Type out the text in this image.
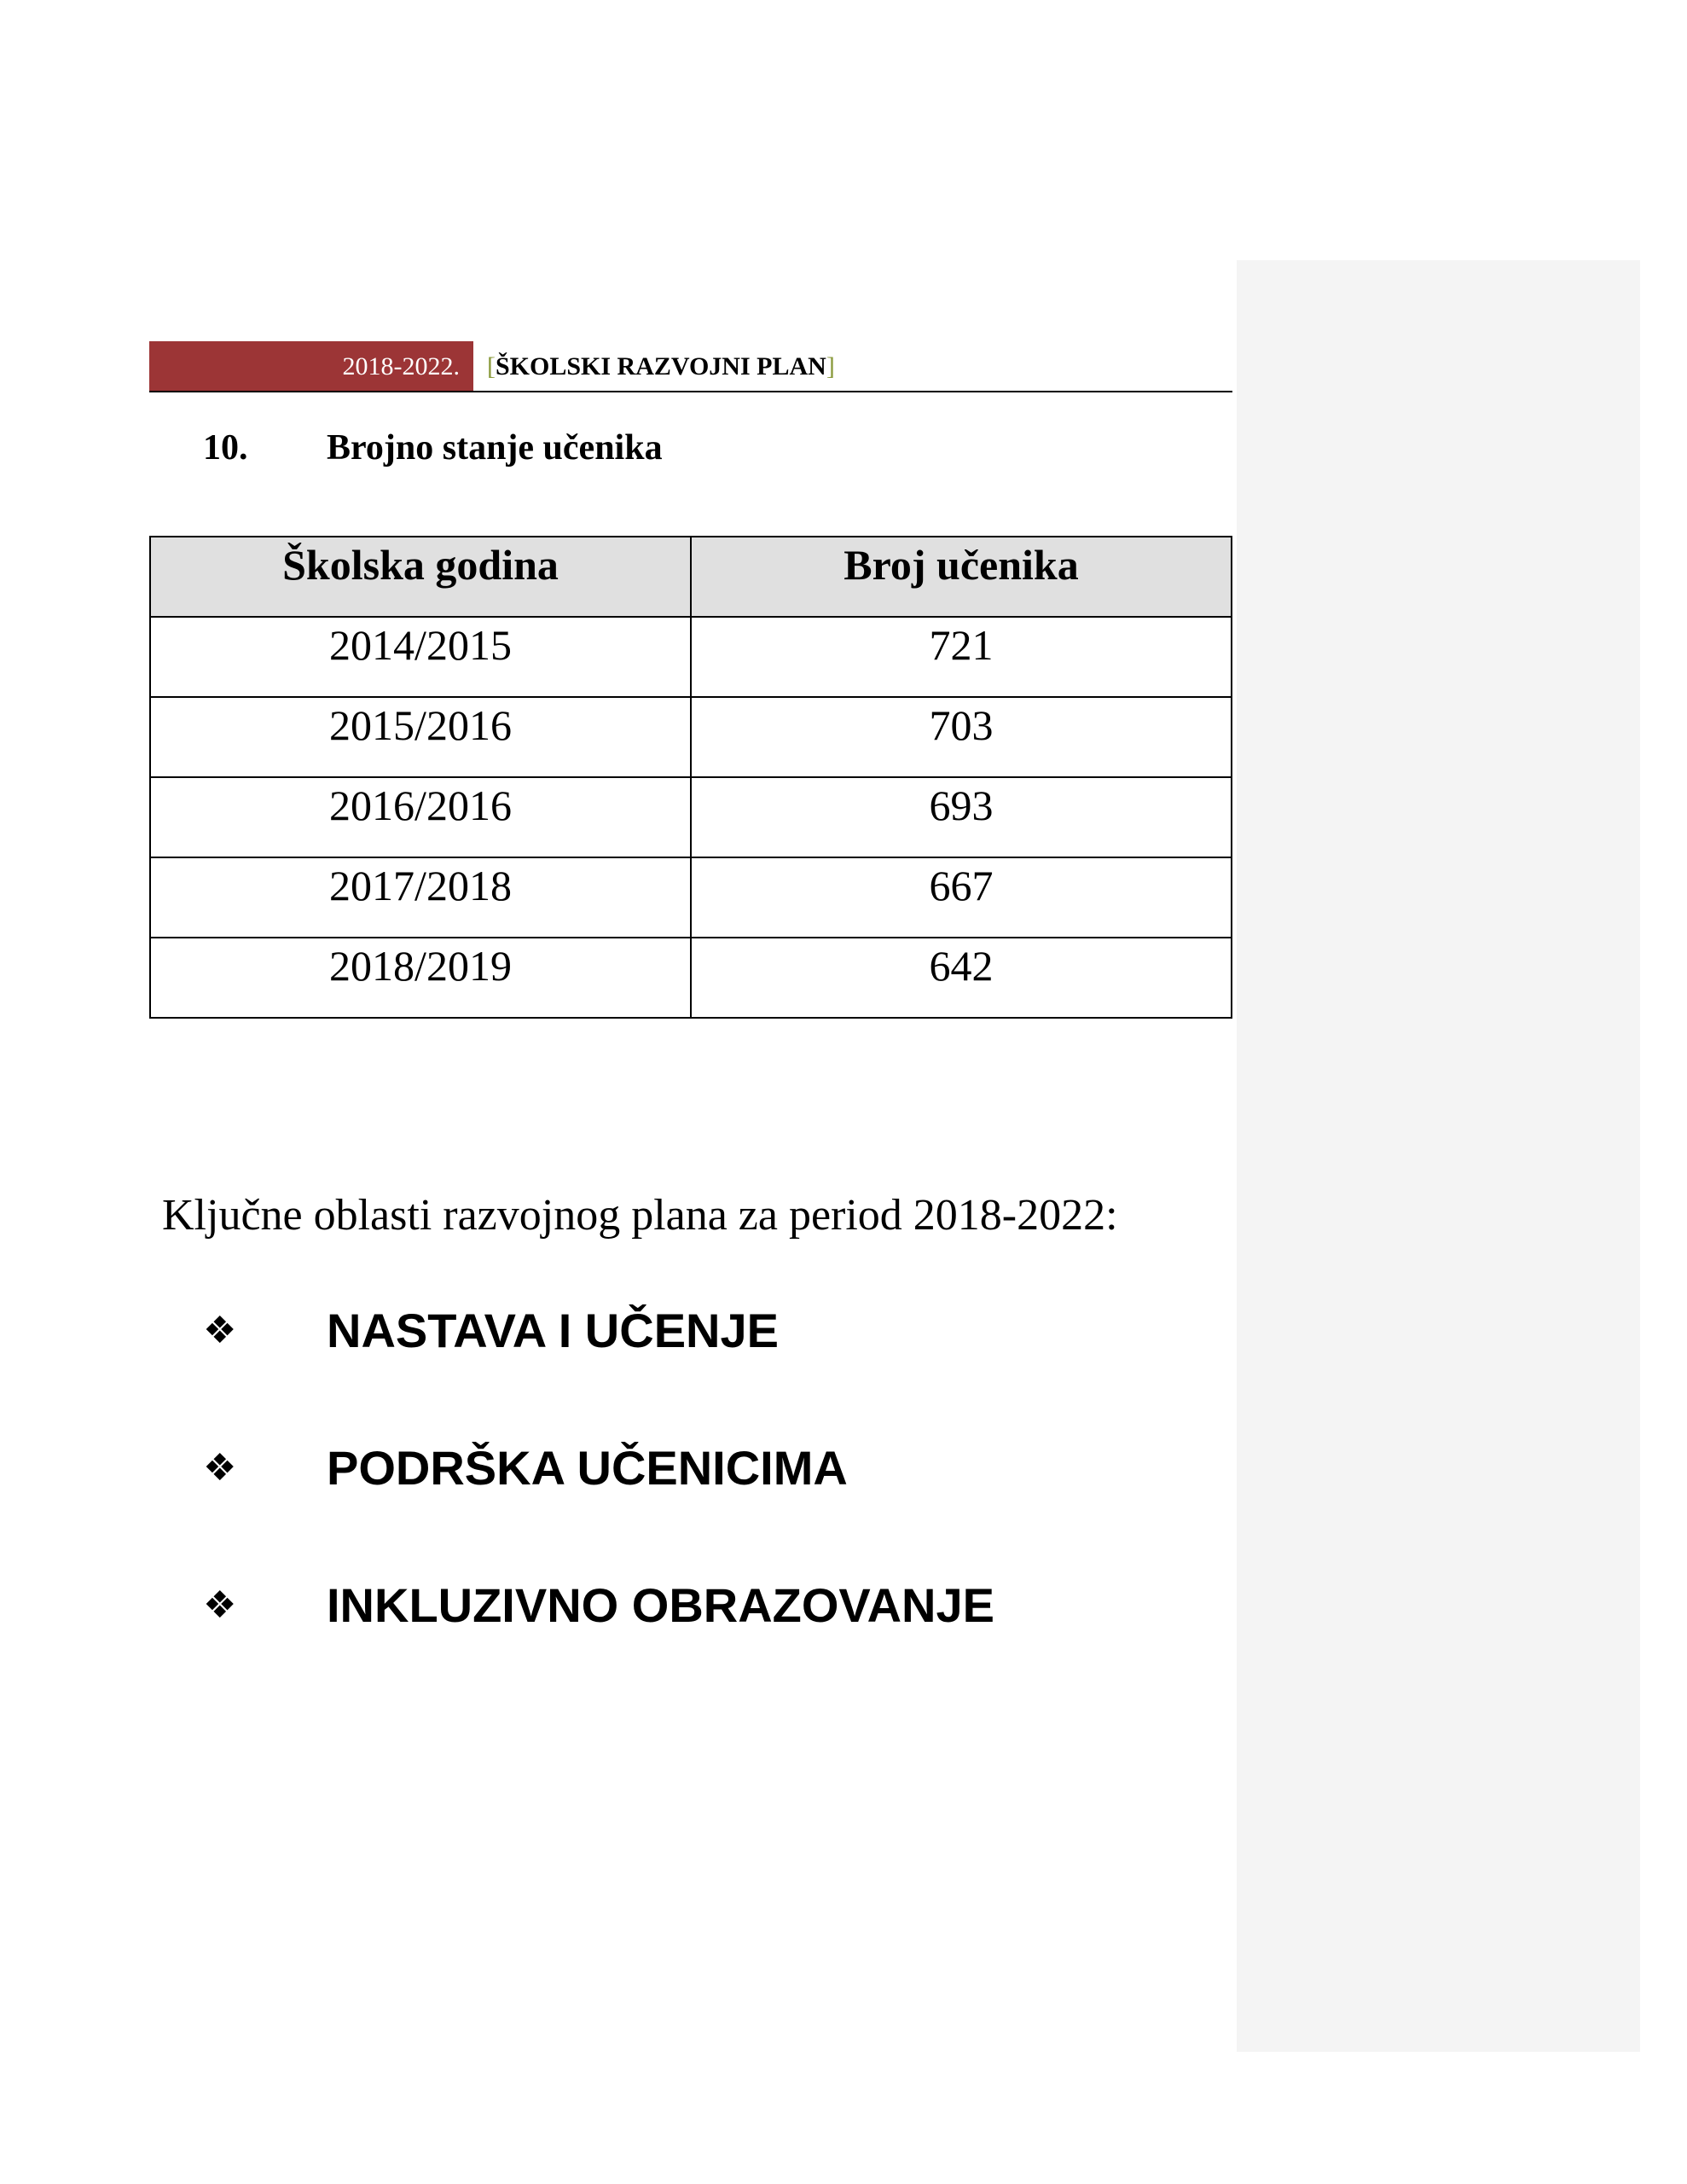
2018-2022. [ŠKOLSKI RAZVOJNI PLAN]
10. Brojno stanje učenika
Školska godina	Broj učenika
2014/2015	721
2015/2016	703
2016/2016	693
2017/2018	667
2018/2019	642
Ključne oblasti razvojnog plana za period 2018-2022:
❖ NASTAVA I UČENJE
❖ PODRŠKA UČENICIMA
❖ INKLUZIVNO OBRAZOVANJE
